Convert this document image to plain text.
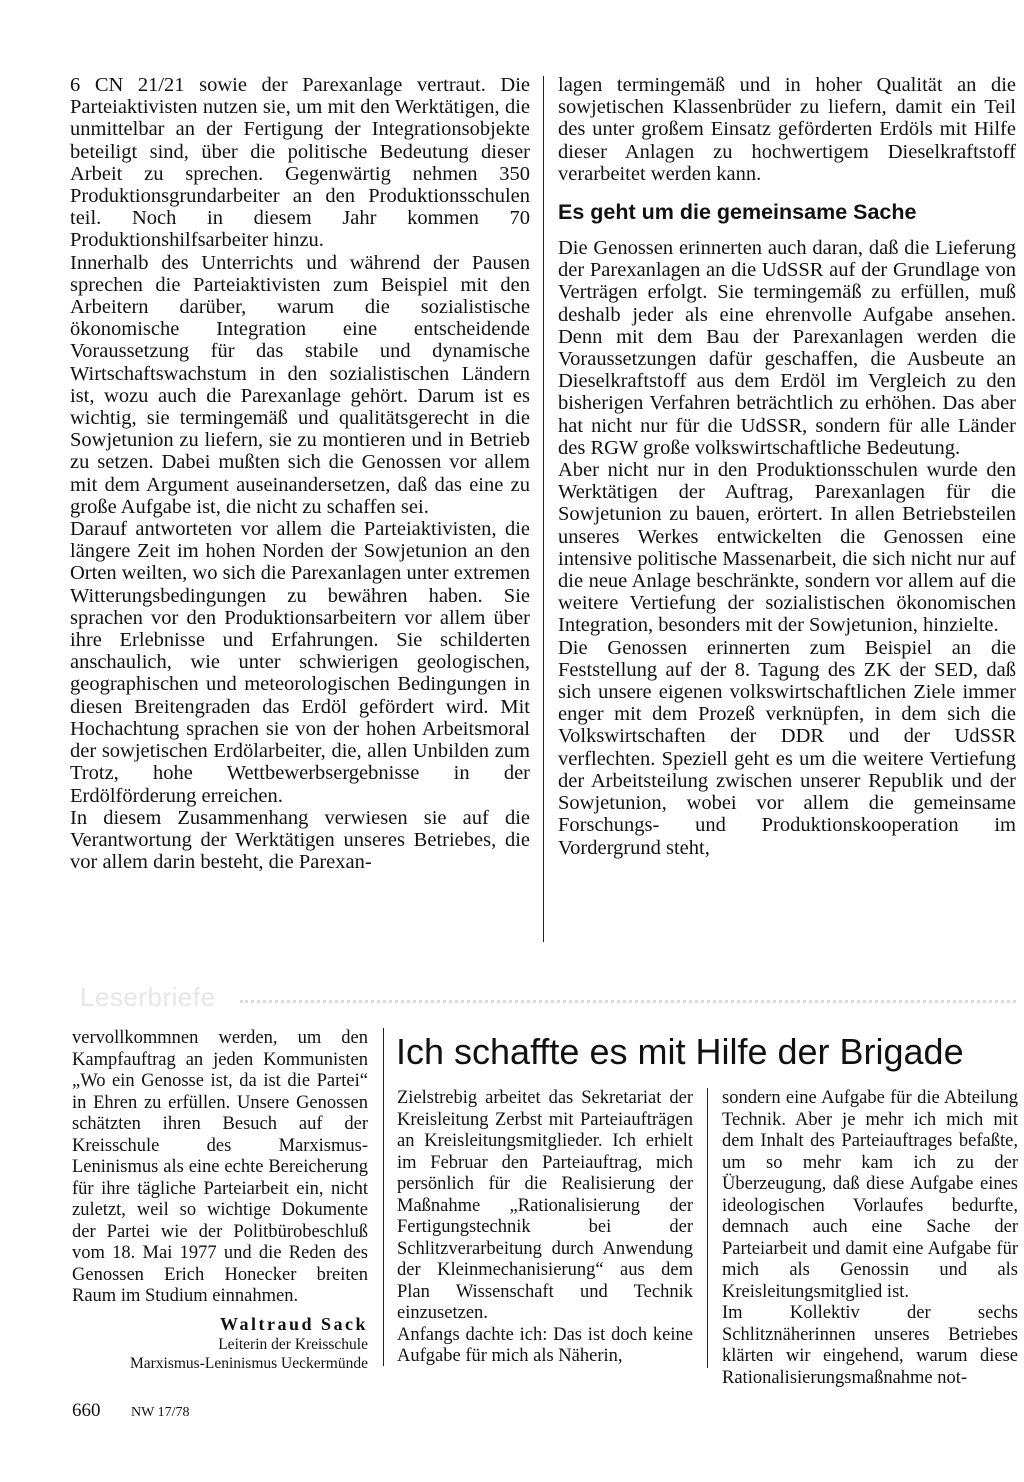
6 CN 21/21 sowie der Parexanlage vertraut. Die Parteiaktivisten nutzen sie, um mit den Werktätigen, die unmittelbar an der Fertigung der Integrationsobjekte beteiligt sind, über die politische Bedeutung dieser Arbeit zu sprechen. Gegenwärtig nehmen 350 Produktionsgrundarbeiter an den Produktionsschulen teil. Noch in diesem Jahr kommen 70 Produktionshilfsarbeiter hinzu.

Innerhalb des Unterrichts und während der Pausen sprechen die Parteiaktivisten zum Beispiel mit den Arbeitern darüber, warum die sozialistische ökonomische Integration eine entscheidende Voraussetzung für das stabile und dynamische Wirtschaftswachstum in den sozialistischen Ländern ist, wozu auch die Parexanlage gehört. Darum ist es wichtig, sie termingemäß und qualitätsgerecht in die Sowjetunion zu liefern, sie zu montieren und in Betrieb zu setzen. Dabei mußten sich die Genossen vor allem mit dem Argument auseinandersetzen, daß das eine zu große Aufgabe ist, die nicht zu schaffen sei.

Darauf antworteten vor allem die Parteiaktivisten, die längere Zeit im hohen Norden der Sowjetunion an den Orten weilten, wo sich die Parexanlagen unter extremen Witterungsbedingungen zu bewähren haben. Sie sprachen vor den Produktionsarbeitern vor allem über ihre Erlebnisse und Erfahrungen. Sie schilderten anschaulich, wie unter schwierigen geologischen, geographischen und meteorologischen Bedingungen in diesen Breitengraden das Erdöl gefördert wird. Mit Hochachtung sprachen sie von der hohen Arbeitsmoral der sowjetischen Erdölarbeiter, die, allen Unbilden zum Trotz, hohe Wettbewerbsergebnisse in der Erdölförderung erreichen.

In diesem Zusammenhang verwiesen sie auf die Verantwortung der Werktätigen unseres Betriebes, die vor allem darin besteht, die Parexan-

lagen termingemäß und in hoher Qualität an die sowjetischen Klassenbrüder zu liefern, damit ein Teil des unter großem Einsatz geförderten Erdöls mit Hilfe dieser Anlagen zu hochwertigem Dieselkraftstoff verarbeitet werden kann.

Es geht um die gemeinsame Sache

Die Genossen erinnerten auch daran, daß die Lieferung der Parexanlagen an die UdSSR auf der Grundlage von Verträgen erfolgt. Sie termingemäß zu erfüllen, muß deshalb jeder als eine ehrenvolle Aufgabe ansehen. Denn mit dem Bau der Parexanlagen werden die Voraussetzungen dafür geschaffen, die Ausbeute an Dieselkraftstoff aus dem Erdöl im Vergleich zu den bisherigen Verfahren beträchtlich zu erhöhen. Das aber hat nicht nur für die UdSSR, sondern für alle Länder des RGW große volkswirtschaftliche Bedeutung.

Aber nicht nur in den Produktionsschulen wurde den Werktätigen der Auftrag, Parexanlagen für die Sowjetunion zu bauen, erörtert. In allen Betriebsteilen unseres Werkes entwickelten die Genossen eine intensive politische Massenarbeit, die sich nicht nur auf die neue Anlage beschränkte, sondern vor allem auf die weitere Vertiefung der sozialistischen ökonomischen Integration, besonders mit der Sowjetunion, hinzielte.

Die Genossen erinnerten zum Beispiel an die Feststellung auf der 8. Tagung des ZK der SED, daß sich unsere eigenen volkswirtschaftlichen Ziele immer enger mit dem Prozeß verknüpfen, in dem sich die Volkswirtschaften der DDR und der UdSSR verflechten. Speziell geht es um die weitere Vertiefung der Arbeitsteilung zwischen unserer Republik und der Sowjetunion, wobei vor allem die gemeinsame Forschungs- und Produktionskooperation im Vordergrund steht,

Leserbriefe

vervollkommnen werden, um den Kampfauftrag an jeden Kommunisten „Wo ein Genosse ist, da ist die Partei“ in Ehren zu erfüllen. Unsere Genossen schätzten ihren Besuch auf der Kreisschule des Marxismus-Leninismus als eine echte Bereicherung für ihre tägliche Parteiarbeit ein, nicht zuletzt, weil so wichtige Dokumente der Partei wie der Politbürobeschluß vom 18. Mai 1977 und die Reden des Genossen Erich Honecker breiten Raum im Studium einnahmen.

Waltraud Sack
Leiterin der Kreisschule
Marxismus-Leninismus Ueckermünde
Ich schaffte es mit Hilfe der Brigade

Zielstrebig arbeitet das Sekretariat der Kreisleitung Zerbst mit Parteiaufträgen an Kreisleitungsmitglieder. Ich erhielt im Februar den Parteiauftrag, mich persönlich für die Realisierung der Maßnahme „Rationalisierung der Fertigungstechnik bei der Schlitzverarbeitung durch Anwendung der Kleinmechanisierung“ aus dem Plan Wissenschaft und Technik einzusetzen.

Anfangs dachte ich: Das ist doch keine Aufgabe für mich als Näherin,

sondern eine Aufgabe für die Abteilung Technik. Aber je mehr ich mich mit dem Inhalt des Parteiauftrages befaßte, um so mehr kam ich zu der Überzeugung, daß diese Aufgabe eines ideologischen Vorlaufes bedurfte, demnach auch eine Sache der Parteiarbeit und damit eine Aufgabe für mich als Genossin und als Kreisleitungsmitglied ist.

Im Kollektiv der sechs Schlitznäherinnen unseres Betriebes klärten wir eingehend, warum diese Rationalisierungsmaßnahme not-

660 NW 17/78
